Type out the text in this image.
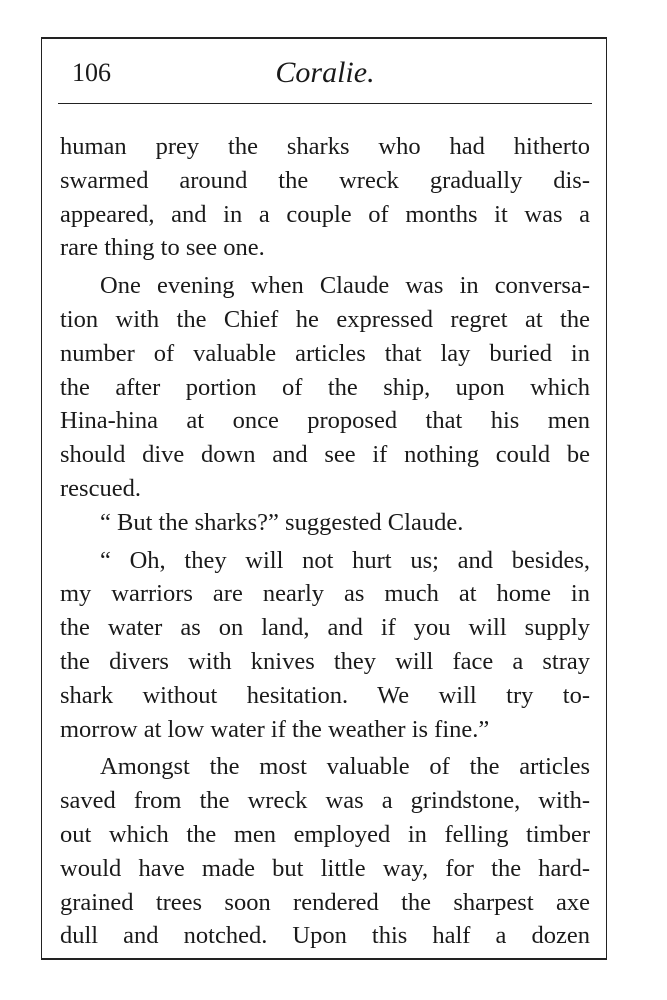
106	Coralie.
human prey the sharks who had hitherto
swarmed around the wreck gradually dis-
appeared, and in a couple of months it was a
rare thing to see one.
One evening when Claude was in conversa-
tion with the Chief he expressed regret at the
number of valuable articles that lay buried in
the after portion of the ship, upon which
Hina-hina at once proposed that his men
should dive down and see if nothing could be
rescued.
“ But the sharks?” suggested Claude.
“ Oh, they will not hurt us; and besides,
my warriors are nearly as much at home in
the water as on land, and if you will supply
the divers with knives they will face a stray
shark without hesitation. We will try to-
morrow at low water if the weather is fine.”
Amongst the most valuable of the articles
saved from the wreck was a grindstone, with-
out which the men employed in felling timber
would have made but little way, for the hard-
grained trees soon rendered the sharpest axe
dull and notched. Upon this half a dozen
